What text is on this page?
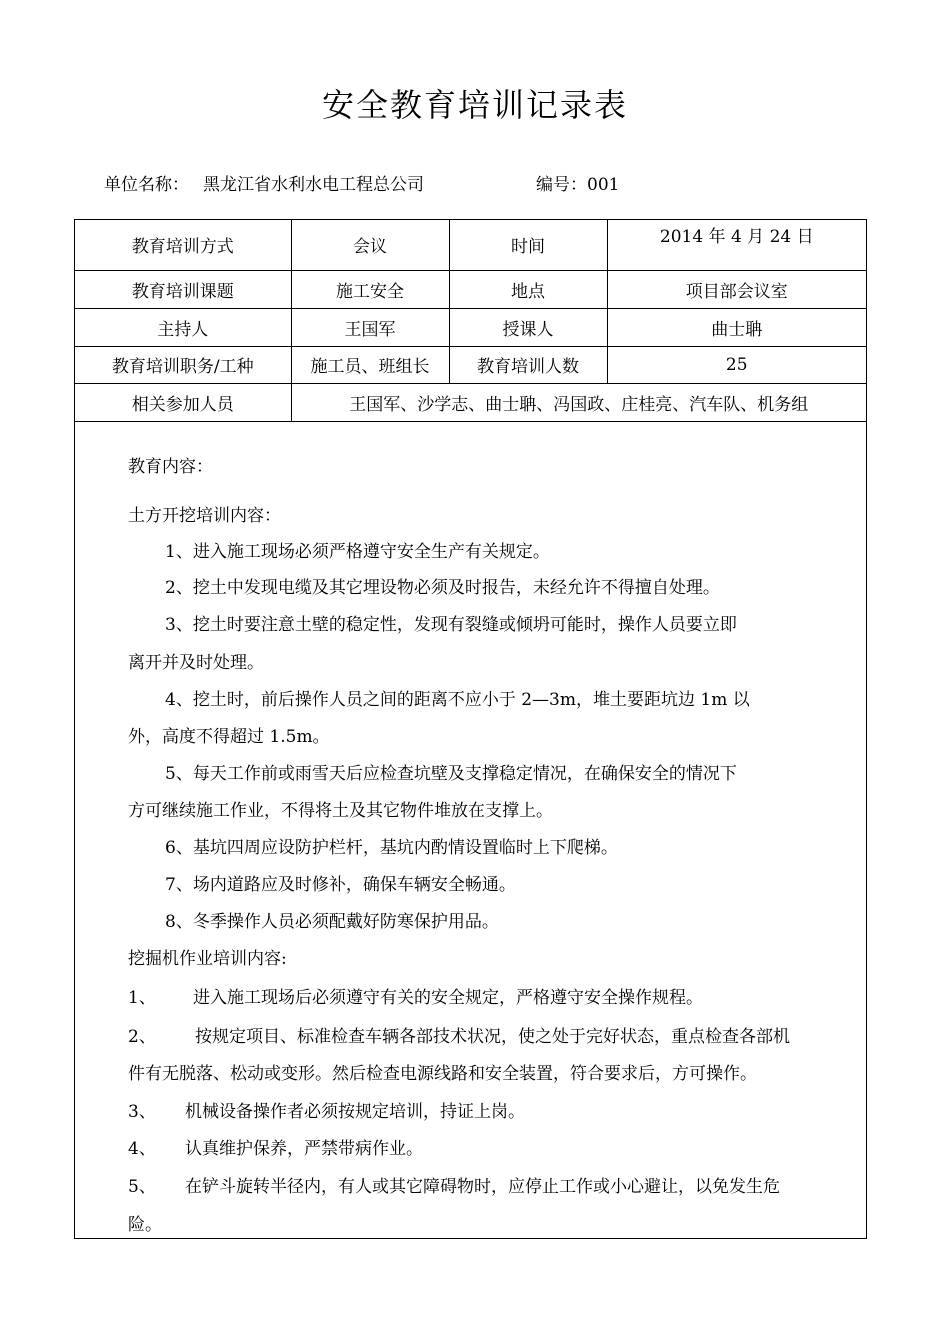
安全教育培训记录表
单位名称： 黑龙江省水利水电工程总公司	编号：001
教育培训方式	会议	时间	2014 年 4 月 24 日
教育培训课题	施工安全	地点	项目部会议室
主持人	王国军	授课人	曲士聃
教育培训职务/工种	施工员、班组长	教育培训人数	25
相关参加人员	王国军、沙学志、曲士聃、冯国政、庄桂亮、汽车队、机务组		
教育内容：
土方开挖培训内容：
1、进入施工现场必须严格遵守安全生产有关规定。
2、挖土中发现电缆及其它埋设物必须及时报告，未经允许不得擅自处理。
3、挖土时要注意土壁的稳定性，发现有裂缝或倾坍可能时，操作人员要立即
离开并及时处理。
4、挖土时，前后操作人员之间的距离不应小于 2—3m，堆土要距坑边 1m 以
外，高度不得超过 1.5m。
5、每天工作前或雨雪天后应检查坑壁及支撑稳定情况，在确保安全的情况下
方可继续施工作业，不得将土及其它物件堆放在支撑上。
6、基坑四周应设防护栏杆，基坑内酌情设置临时上下爬梯。
7、场内道路应及时修补，确保车辆安全畅通。
8、冬季操作人员必须配戴好防寒保护用品。
挖掘机作业培训内容:
1、 进入施工现场后必须遵守有关的安全规定，严格遵守安全操作规程。
2、 按规定项目、标准检查车辆各部技术状况，使之处于完好状态，重点检查各部机
件有无脱落、松动或变形。然后检查电源线路和安全装置，符合要求后，方可操作。
3、 机械设备操作者必须按规定培训，持证上岗。
4、 认真维护保养，严禁带病作业。
5、 在铲斗旋转半径内，有人或其它障碍物时，应停止工作或小心避让，以免发生危
险。
